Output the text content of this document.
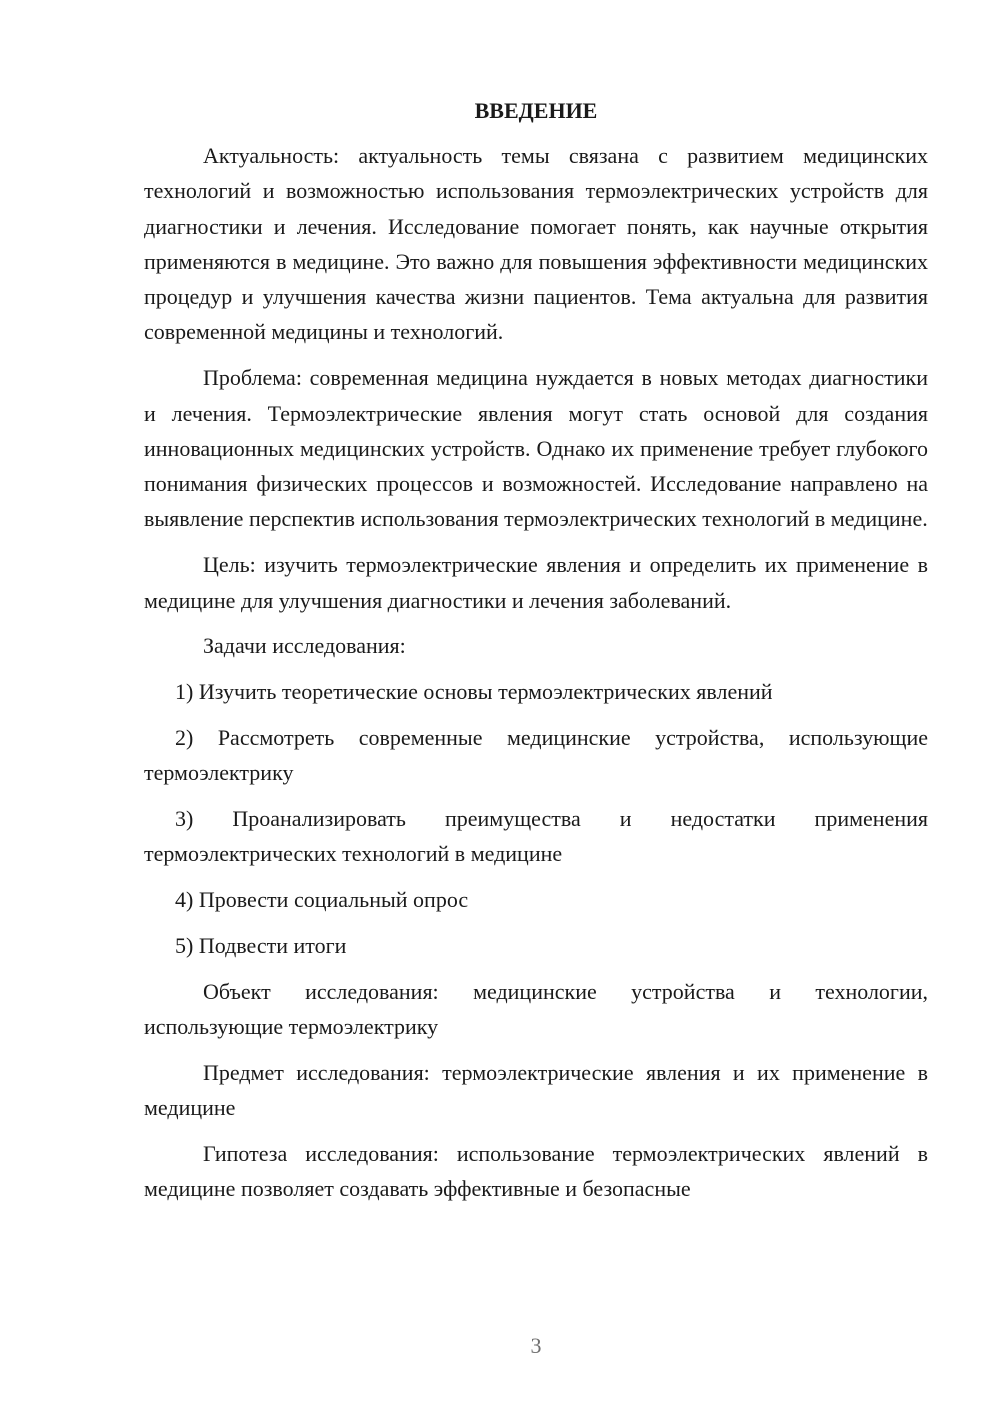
ВВЕДЕНИЕ

Актуальность: актуальность темы связана с развитием медицинских технологий и возможностью использования термоэлектрических устройств для диагностики и лечения. Исследование помогает понять, как научные открытия применяются в медицине. Это важно для повышения эффективности медицинских процедур и улучшения качества жизни пациентов. Тема актуальна для развития современной медицины и технологий.

Проблема: современная медицина нуждается в новых методах диагностики и лечения. Термоэлектрические явления могут стать основой для создания инновационных медицинских устройств. Однако их применение требует глубокого понимания физических процессов и возможностей. Исследование направлено на выявление перспектив использования термоэлектрических технологий в медицине.

Цель: изучить термоэлектрические явления и определить их применение в медицине для улучшения диагностики и лечения заболеваний.

Задачи исследования:

1) Изучить теоретические основы термоэлектрических явлений

2) Рассмотреть современные медицинские устройства, использующие термоэлектрику

3) Проанализировать преимущества и недостатки применения термоэлектрических технологий в медицине

4) Провести социальный опрос

5) Подвести итоги

Объект исследования: медицинские устройства и технологии, использующие термоэлектрику

Предмет исследования: термоэлектрические явления и их применение в медицине

Гипотеза исследования: использование термоэлектрических явлений в медицине позволяет создавать эффективные и безопасные

3
